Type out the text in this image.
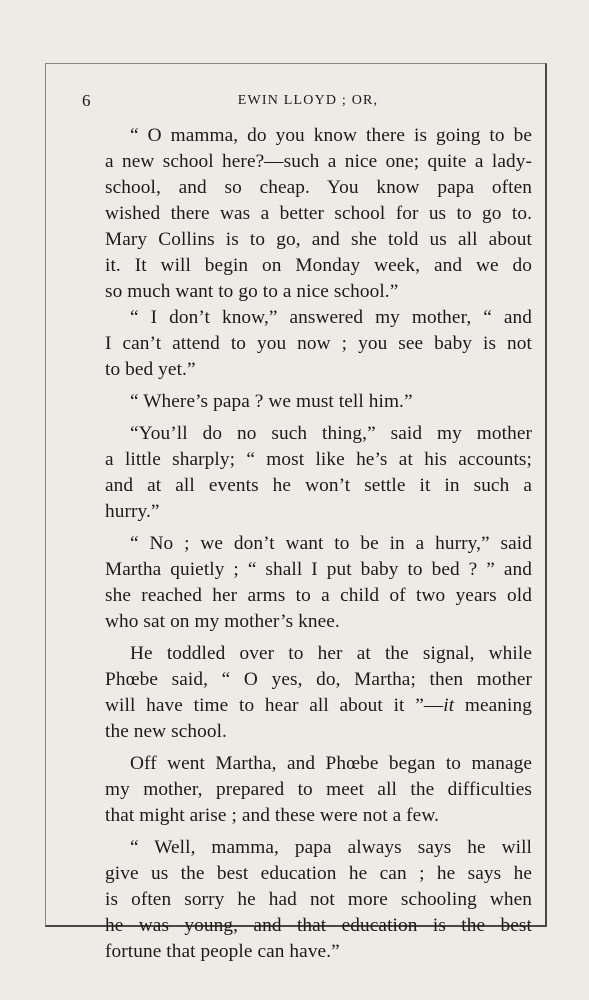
6	EWIN LLOYD ; OR,
“ O mamma, do you know there is going to be
a new school here?—such a nice one; quite a lady-
school, and so cheap. You know papa often
wished there was a better school for us to go to.
Mary Collins is to go, and she told us all about
it. It will begin on Monday week, and we do
so much want to go to a nice school.”
“ I don’t know,” answered my mother, “ and
I can’t attend to you now ; you see baby is not
to bed yet.”
“ Where’s papa ? we must tell him.”
“You’ll do no such thing,” said my mother
a little sharply; “ most like he’s at his accounts;
and at all events he won’t settle it in such a
hurry.”
“ No ; we don’t want to be in a hurry,” said
Martha quietly ; “ shall I put baby to bed ? ” and
she reached her arms to a child of two years old
who sat on my mother’s knee.
He toddled over to her at the signal, while
Phœbe said, “ O yes, do, Martha; then mother
will have time to hear all about it ”—it meaning
the new school.
Off went Martha, and Phœbe began to manage
my mother, prepared to meet all the difficulties
that might arise ; and these were not a few.
“ Well, mamma, papa always says he will
give us the best education he can ; he says he
is often sorry he had not more schooling when
he was young, and that education is the best
fortune that people can have.”
